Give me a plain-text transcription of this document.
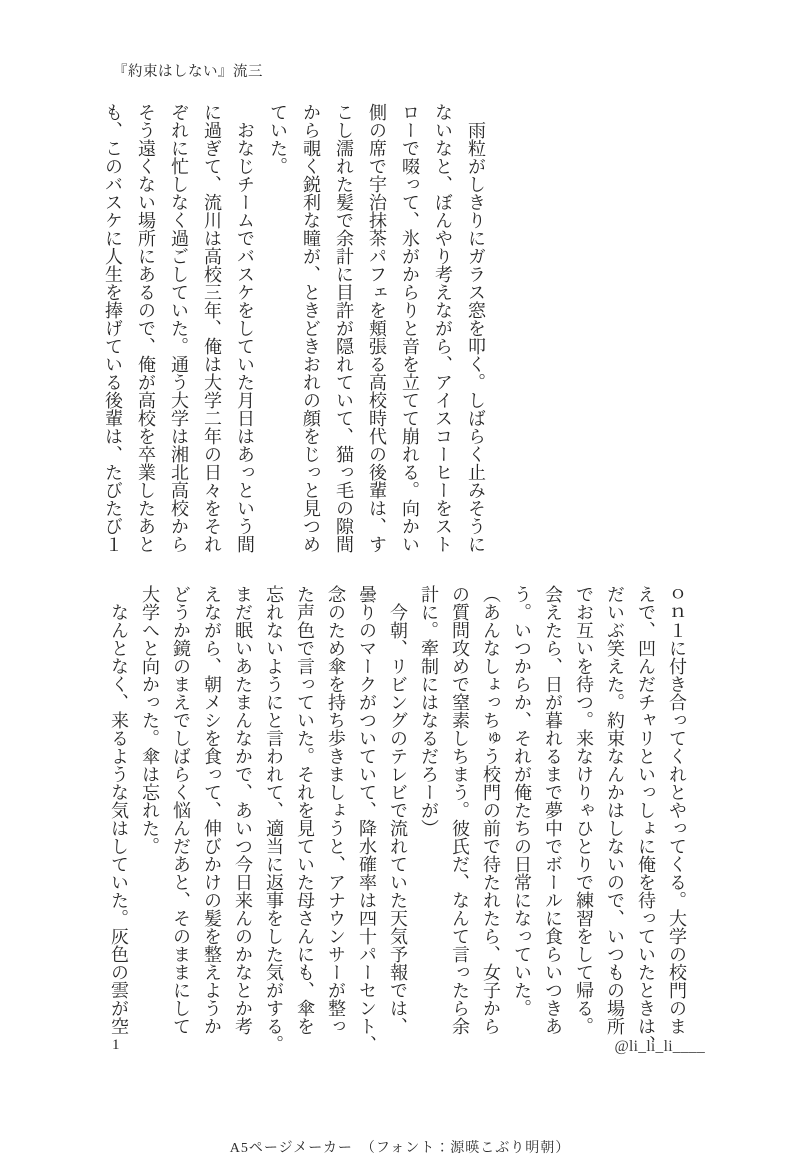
『約束はしない』流三
　雨粒がしきりにガラス窓を叩く。しばらく止みそうに
ないなと、ぼんやり考えながら、アイスコーヒーをスト
ローで啜って、氷がからりと音を立てて崩れる。向かい
側の席で宇治抹茶パフェを頬張る高校時代の後輩は、す
こし濡れた髪で余計に目許が隠れていて、猫っ毛の隙間
から覗く鋭利な瞳が、ときどきおれの顔をじっと見つめ
ていた。
　おなじチームでバスケをしていた月日はあっという間
に過ぎて、流川は高校三年、俺は大学二年の日々をそれ
ぞれに忙しなく過ごしていた。通う大学は湘北高校から
そう遠くない場所にあるので、俺が高校を卒業したあと
も、このバスケに人生を捧げている後輩は、たびたび１
ｏｎ１に付き合ってくれとやってくる。大学の校門のま
えで、凹んだチャリといっしょに俺を待っていたときは、
だいぶ笑えた。約束なんかはしないので、いつもの場所
でお互いを待つ。来なけりゃひとりで練習をして帰る。
会えたら、日が暮れるまで夢中でボールに食らいつきあ
う。いつからか、それが俺たちの日常になっていた。
（あんなしょっちゅう校門の前で待たれたら、女子から
の質問攻めで窒素しちまう。彼氏だ、なんて言ったら余
計に。牽制にはなるだろーが）
　今朝、リビングのテレビで流れていた天気予報では、
曇りのマークがついていて、降水確率は四十パーセント、
念のため傘を持ち歩きましょうと、アナウンサーが整っ
た声色で言っていた。それを見ていた母さんにも、傘を
忘れないようにと言われて、適当に返事をした気がする。
まだ眠いあたまんなかで、あいつ今日来んのかなとか考
えながら、朝メシを食って、伸びかけの髪を整えようか
どうか鏡のまえでしばらく悩んだあと、そのままにして
大学へと向かった。傘は忘れた。
　なんとなく、来るような気はしていた。灰色の雲が空
1	@li_li_li____
A5ページメーカー　（フォント：源暎こぶり明朝）
